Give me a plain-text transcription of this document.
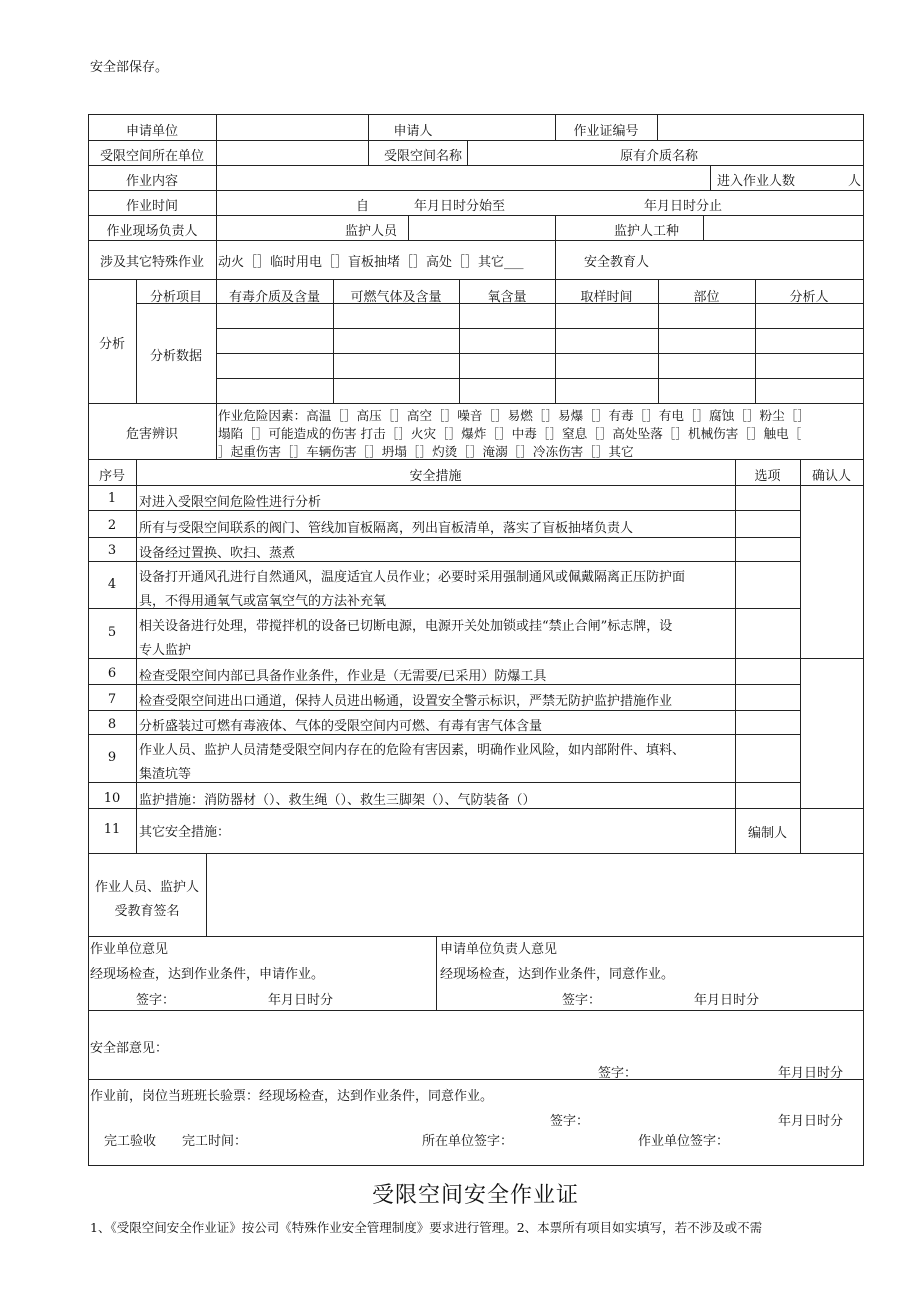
安全部保存。
申请单位	申请人	作业证编号
受限空间所在单位	受限空间名称	原有介质名称
作业内容	进入作业人数	人
作业时间	自	年月日时分始至	年月日时分止
作业现场负责人	监护人员	监护人工种
涉及其它特殊作业	动火［］临时用电［］盲板抽堵［］高处［］其它___	安全教育人
分析
分析项目	有毒介质及含量	可燃气体及含量	氧含量	取样时间	部位	分析人
分析数据
危害辨识
作业危险因素：高温［］高压［］高空［］噪音［］易燃［］易爆［］有毒［］有电［］腐蚀［］粉尘［］
塌陷［］可能造成的伤害 打击［］火灾［］爆炸［］中毒［］窒息［］高处坠落［］机械伤害［］触电［
］起重伤害［］车辆伤害［］坍塌［］灼烫［］淹溺［］冷冻伤害［］其它
序号	安全措施	选项	确认人
1	对进入受限空间危险性进行分析
2	所有与受限空间联系的阀门、管线加盲板隔离，列出盲板清单，落实了盲板抽堵负责人
3	设备经过置换、吹扫、蒸煮
4	设备打开通风孔进行自然通风，温度适宜人员作业；必要时采用强制通风或佩戴隔离正压防护面
具，不得用通氧气或富氧空气的方法补充氧
5	相关设备进行处理，带搅拌机的设备已切断电源，电源开关处加锁或挂“禁止合闸”标志牌，设
专人监护
6	检查受限空间内部已具备作业条件，作业是（无需要/已采用）防爆工具
7	检查受限空间进出口通道，保持人员进出畅通，设置安全警示标识，严禁无防护监护措施作业
8	分析盛装过可燃有毒液体、气体的受限空间内可燃、有毒有害气体含量
9	作业人员、监护人员清楚受限空间内存在的危险有害因素，明确作业风险，如内部附件、填料、
集渣坑等
10	监护措施：消防器材（）、救生绳（）、救生三脚架（）、气防装备（）
11	其它安全措施：	编制人
作业人员、监护人
受教育签名
作业单位意见
经现场检查，达到作业条件，申请作业。
签字：	年月日时分
申请单位负责人意见
经现场检查，达到作业条件，同意作业。
签字：	年月日时分
安全部意见：
签字：	年月日时分
作业前，岗位当班班长验票：经现场检查，达到作业条件，同意作业。
签字：	年月日时分
完工验收 完工时间：	所在单位签字：	作业单位签字：
受限空间安全作业证
1、《受限空间安全作业证》按公司《特殊作业安全管理制度》要求进行管理。2、本票所有项目如实填写，若不涉及或不需
